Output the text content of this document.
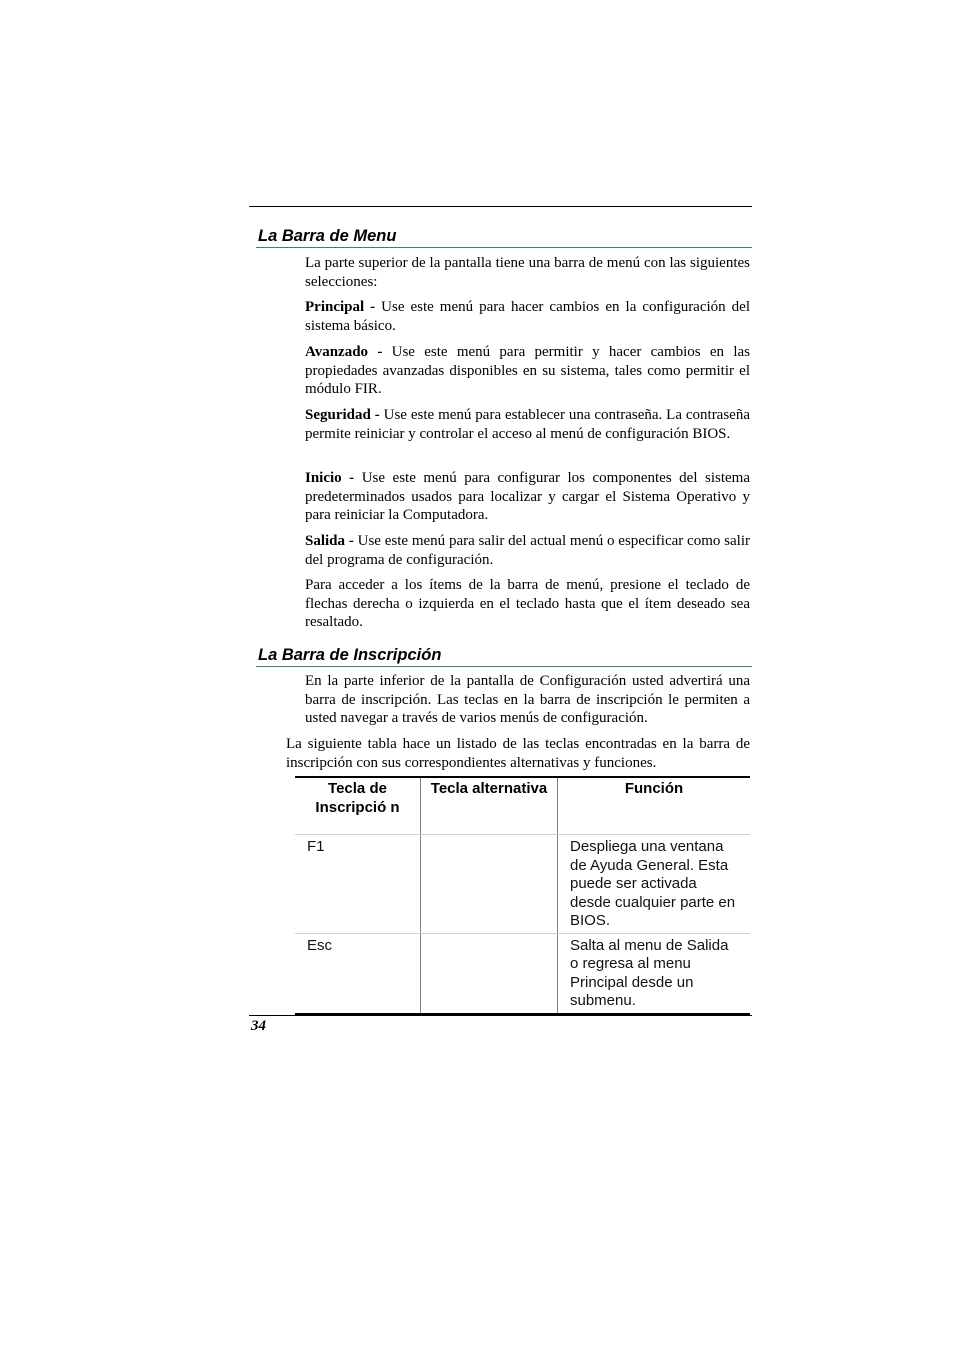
La Barra de Menu

La parte superior de la pantalla tiene una barra de menú con las siguientes selecciones:

Principal - Use este menú para hacer cambios en la configuración del sistema básico.

Avanzado - Use este menú para permitir y hacer cambios en las propiedades avanzadas disponibles en su sistema, tales como permitir el módulo FIR.

Seguridad - Use este menú para establecer una contraseña. La contraseña permite reiniciar y controlar el acceso al menú de configuración BIOS.

Inicio - Use este menú para configurar los componentes del sistema predeterminados usados para localizar y cargar el Sistema Operativo y para reiniciar la Computadora.

Salida - Use este menú para salir del actual menú o especificar como salir del programa de configuración.

Para acceder a los ítems de la barra de menú, presione el teclado de flechas derecha o izquierda en el teclado hasta que el ítem deseado sea resaltado.

La Barra de Inscripción

En la parte inferior de la pantalla de Configuración usted advertirá una barra de inscripción. Las teclas en la barra de inscripción le permiten a usted navegar a través de varios menús de configuración.

La siguiente tabla hace un listado de las teclas encontradas en la barra de inscripción con sus correspondientes alternativas y funciones.

Tecla de Inscripció n	Tecla alternativa	Función
F1		Despliega una ventana de Ayuda General. Esta puede ser activada desde cualquier parte en BIOS.
Esc		Salta al menu de Salida o regresa al menu Principal desde un submenu.
34
